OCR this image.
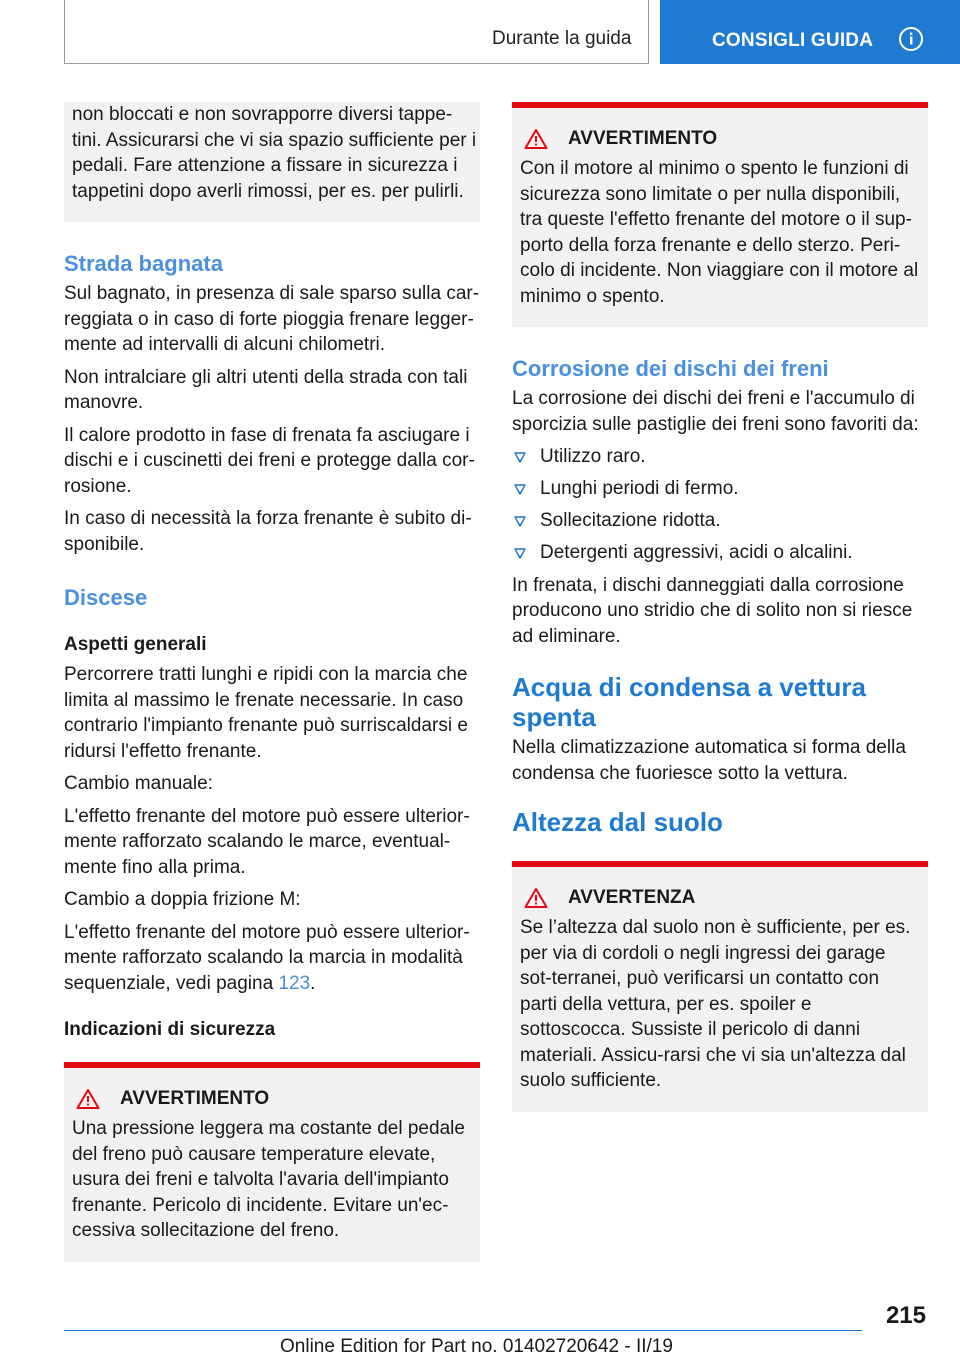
Durante la guida	CONSIGLI GUIDA

non bloccati e non sovrapporre diversi tappe-tini. Assicurarsi che vi sia spazio sufficiente per i pedali. Fare attenzione a fissare in sicurezza i tappetini dopo averli rimossi, per es. per pulirli.

Strada bagnata

Sul bagnato, in presenza di sale sparso sulla car-reggiata o in caso di forte pioggia frenare legger-mente ad intervalli di alcuni chilometri.

Non intralciare gli altri utenti della strada con tali manovre.

Il calore prodotto in fase di frenata fa asciugare i dischi e i cuscinetti dei freni e protegge dalla cor-rosione.

In caso di necessità la forza frenante è subito di-sponibile.

Discese
Aspetti generali

Percorrere tratti lunghi e ripidi con la marcia che limita al massimo le frenate necessarie. In caso contrario l'impianto frenante può surriscaldarsi e ridursi l'effetto frenante.

Cambio manuale:

L'effetto frenante del motore può essere ulterior-mente rafforzato scalando le marce, eventual-mente fino alla prima.

Cambio a doppia frizione M:

L'effetto frenante del motore può essere ulterior-mente rafforzato scalando la marcia in modalità sequenziale, vedi pagina 123.

Indicazioni di sicurezza
AVVERTIMENTO

Una pressione leggera ma costante del pedale del freno può causare temperature elevate, usura dei freni e talvolta l'avaria dell'impianto frenante. Pericolo di incidente. Evitare un'ec-cessiva sollecitazione del freno.

AVVERTIMENTO

Con il motore al minimo o spento le funzioni di sicurezza sono limitate o per nulla disponibili, tra queste l'effetto frenante del motore o il sup-porto della forza frenante e dello sterzo. Peri-colo di incidente. Non viaggiare con il motore al minimo o spento.

Corrosione dei dischi dei freni

La corrosione dei dischi dei freni e l'accumulo di sporcizia sulle pastiglie dei freni sono favoriti da:

Utilizzo raro.
Lunghi periodi di fermo.
Sollecitazione ridotta.
Detergenti aggressivi, acidi o alcalini.

In frenata, i dischi danneggiati dalla corrosione producono uno stridio che di solito non si riesce ad eliminare.

Acqua di condensa a vettura spenta

Nella climatizzazione automatica si forma della condensa che fuoriesce sotto la vettura.

Altezza dal suolo
AVVERTENZA

Se l’altezza dal suolo non è sufficiente, per es. per via di cordoli o negli ingressi dei garage sot-terranei, può verificarsi un contatto con parti della vettura, per es. spoiler e sottoscocca. Sussiste il pericolo di danni materiali. Assicu-rarsi che vi sia un'altezza dal suolo sufficiente.

215
Online Edition for Part no. 01402720642 - II/19
